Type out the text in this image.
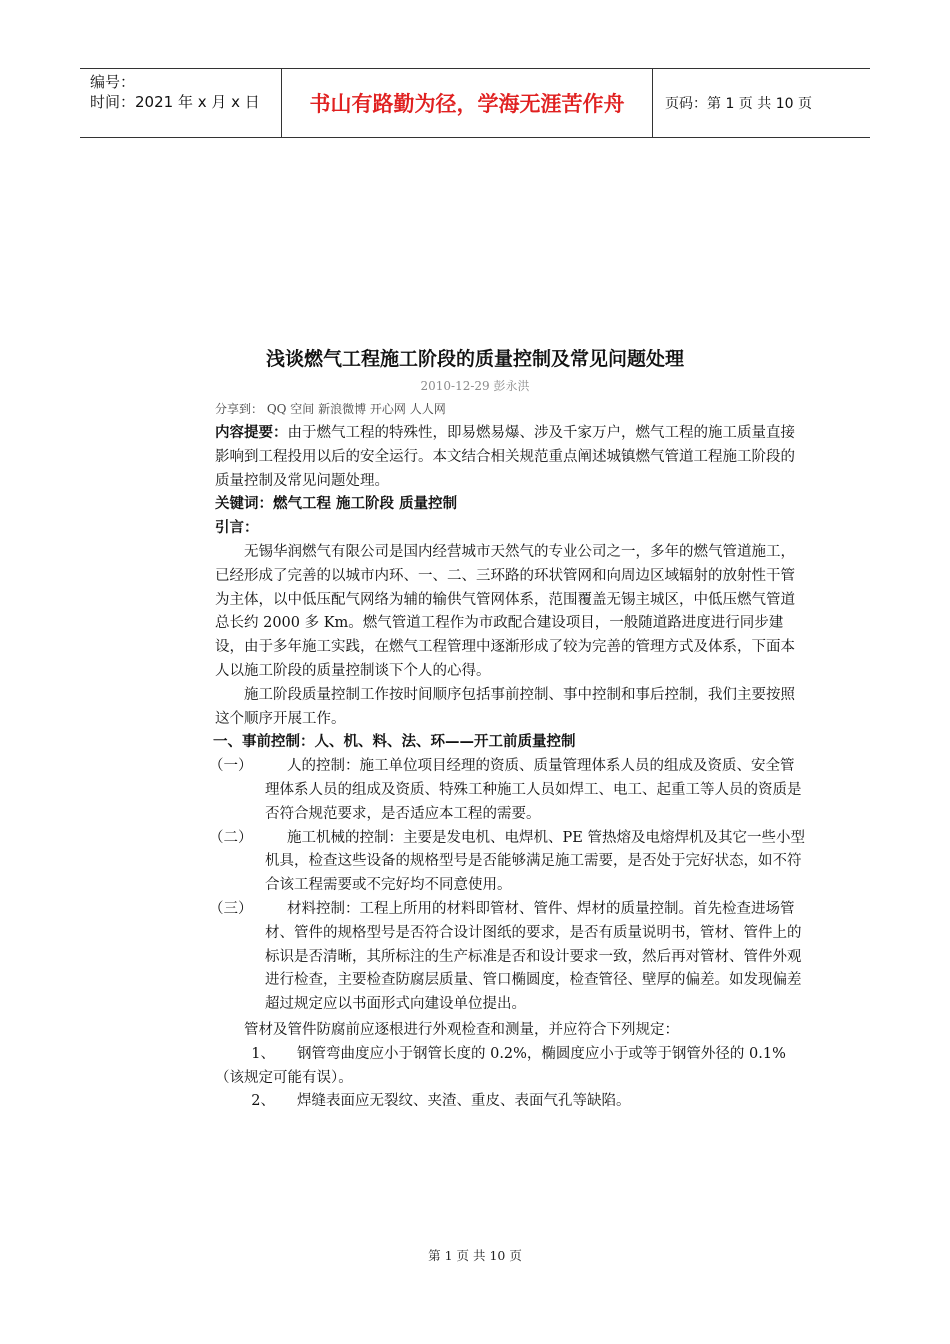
编号：
时间：2021 年 x 月 x 日	书山有路勤为径，学海无涯苦作舟	页码：第 1 页 共 10 页
浅谈燃气工程施工阶段的质量控制及常见问题处理
2010-12-29 彭永洪
分享到： QQ 空间 新浪微博 开心网 人人网

内容提要：由于燃气工程的特殊性，即易燃易爆、涉及千家万户，燃气工程的施工质量直接影响到工程投用以后的安全运行。本文结合相关规范重点阐述城镇燃气管道工程施工阶段的质量控制及常见问题处理。

关键词：燃气工程 施工阶段 质量控制

引言：

无锡华润燃气有限公司是国内经营城市天然气的专业公司之一，多年的燃气管道施工，已经形成了完善的以城市内环、一、二、三环路的环状管网和向周边区域辐射的放射性干管为主体，以中低压配气网络为辅的输供气管网体系，范围覆盖无锡主城区，中低压燃气管道总长约 2000 多 Km。燃气管道工程作为市政配合建设项目，一般随道路进度进行同步建设，由于多年施工实践，在燃气工程管理中逐渐形成了较为完善的管理方式及体系，下面本人以施工阶段的质量控制谈下个人的心得。

施工阶段质量控制工作按时间顺序包括事前控制、事中控制和事后控制，我们主要按照这个顺序开展工作。

一、事前控制：人、机、料、法、环——开工前质量控制

（一） 人的控制：施工单位项目经理的资质、质量管理体系人员的组成及资质、安全管理体系人员的组成及资质、特殊工种施工人员如焊工、电工、起重工等人员的资质是否符合规范要求，是否适应本工程的需要。
（二） 施工机械的控制：主要是发电机、电焊机、PE 管热熔及电熔焊机及其它一些小型机具，检查这些设备的规格型号是否能够满足施工需要，是否处于完好状态，如不符合该工程需要或不完好均不同意使用。
（三） 材料控制：工程上所用的材料即管材、管件、焊材的质量控制。首先检查进场管材、管件的规格型号是否符合设计图纸的要求，是否有质量说明书，管材、管件上的标识是否清晰，其所标注的生产标准是否和设计要求一致，然后再对管材、管件外观进行检查，主要检查防腐层质量、管口椭圆度，检查管径、壁厚的偏差。如发现偏差超过规定应以书面形式向建设单位提出。

管材及管件防腐前应逐根进行外观检查和测量，并应符合下列规定：

1、 钢管弯曲度应小于钢管长度的 0.2%，椭圆度应小于或等于钢管外径的 0.1%（该规定可能有误）。

2、 焊缝表面应无裂纹、夹渣、重皮、表面气孔等缺陷。

第 1 页 共 10 页
